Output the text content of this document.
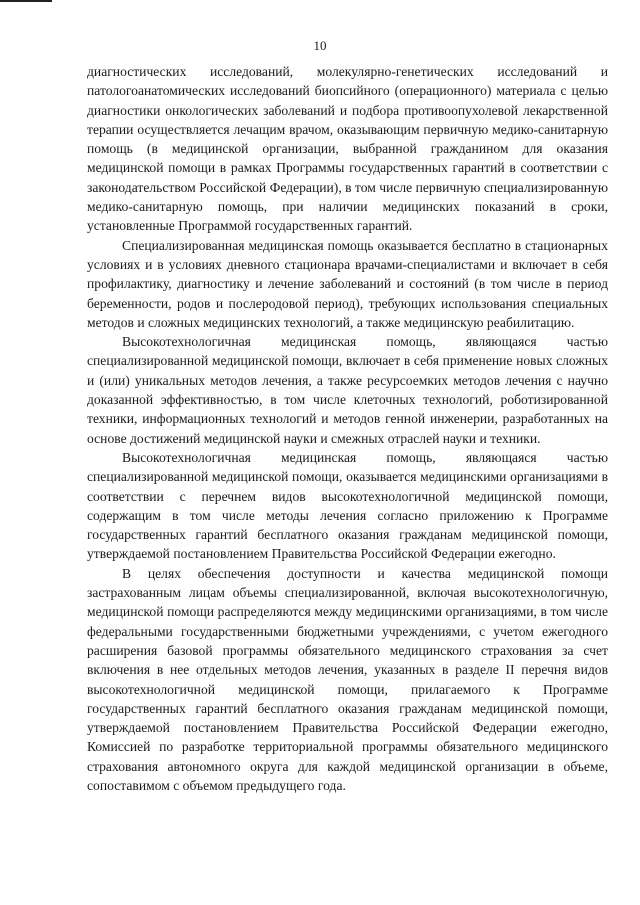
10

диагностических исследований, молекулярно-генетических исследований и патологоанатомических исследований биопсийного (операционного) материала с целью диагностики онкологических заболеваний и подбора противоопухолевой лекарственной терапии осуществляется лечащим врачом, оказывающим первичную медико-санитарную помощь (в медицинской организации, выбранной гражданином для оказания медицинской помощи в рамках Программы государственных гарантий в соответствии с законодательством Российской Федерации), в том числе первичную специализированную медико-санитарную помощь, при наличии медицинских показаний в сроки, установленные Программой государственных гарантий.

Специализированная медицинская помощь оказывается бесплатно в стационарных условиях и в условиях дневного стационара врачами-специалистами и включает в себя профилактику, диагностику и лечение заболеваний и состояний (в том числе в период беременности, родов и послеродовой период), требующих использования специальных методов и сложных медицинских технологий, а также медицинскую реабилитацию.

Высокотехнологичная медицинская помощь, являющаяся частью специализированной медицинской помощи, включает в себя применение новых сложных и (или) уникальных методов лечения, а также ресурсоемких методов лечения с научно доказанной эффективностью, в том числе клеточных технологий, роботизированной техники, информационных технологий и методов генной инженерии, разработанных на основе достижений медицинской науки и смежных отраслей науки и техники.

Высокотехнологичная медицинская помощь, являющаяся частью специализированной медицинской помощи, оказывается медицинскими организациями в соответствии с перечнем видов высокотехнологичной медицинской помощи, содержащим в том числе методы лечения согласно приложению к Программе государственных гарантий бесплатного оказания гражданам медицинской помощи, утверждаемой постановлением Правительства Российской Федерации ежегодно.

В целях обеспечения доступности и качества медицинской помощи застрахованным лицам объемы специализированной, включая высокотехнологичную, медицинской помощи распределяются между медицинскими организациями, в том числе федеральными государственными бюджетными учреждениями, с учетом ежегодного расширения базовой программы обязательного медицинского страхования за счет включения в нее отдельных методов лечения, указанных в разделе II перечня видов высокотехнологичной медицинской помощи, прилагаемого к Программе государственных гарантий бесплатного оказания гражданам медицинской помощи, утверждаемой постановлением Правительства Российской Федерации ежегодно, Комиссией по разработке территориальной программы обязательного медицинского страхования автономного округа для каждой медицинской организации в объеме, сопоставимом с объемом предыдущего года.
